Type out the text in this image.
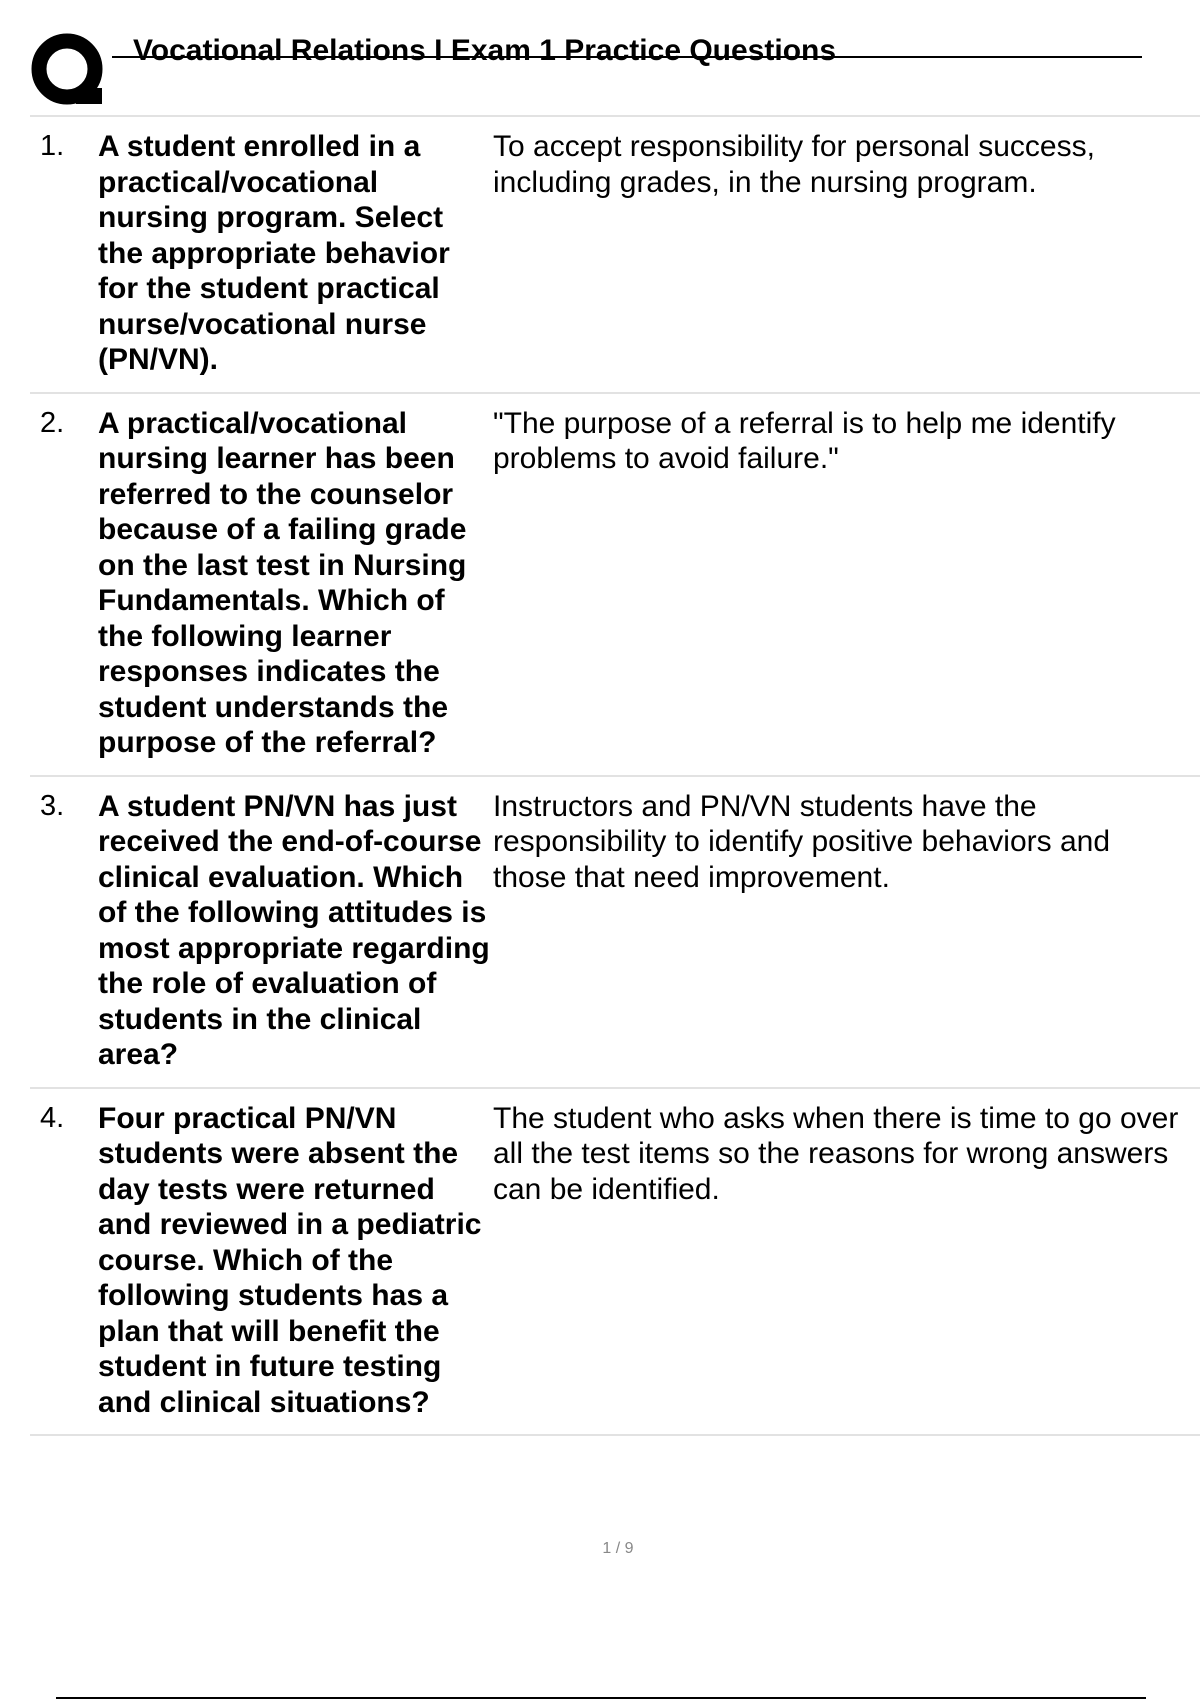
Vocational Relations I Exam 1 Practice Questions
1.	A student enrolled in a practical/vocational nursing program. Select the appropriate behavior for the student practical nurse/vocational nurse (PN/VN).
To accept responsibility for personal success, including grades, in the nursing program.
2.	A practical/vocational nursing learner has been referred to the counselor because of a failing grade on the last test in Nursing Fundamentals. Which of the following learner responses indicates the student understands the purpose of the referral?
"The purpose of a referral is to help me identify problems to avoid failure."
3.	A student PN/VN has just received the end-of-course clinical evaluation. Which of the following attitudes is most appropriate regarding the role of evaluation of students in the clinical area?
Instructors and PN/VN students have the responsibility to identify positive behaviors and those that need improvement.
4.	Four practical PN/VN students were absent the day tests were returned and reviewed in a pediatric course. Which of the following students has a plan that will benefit the student in future testing and clinical situations?
The student who asks when there is time to go over all the test items so the reasons for wrong answers can be identified.
1 / 9
